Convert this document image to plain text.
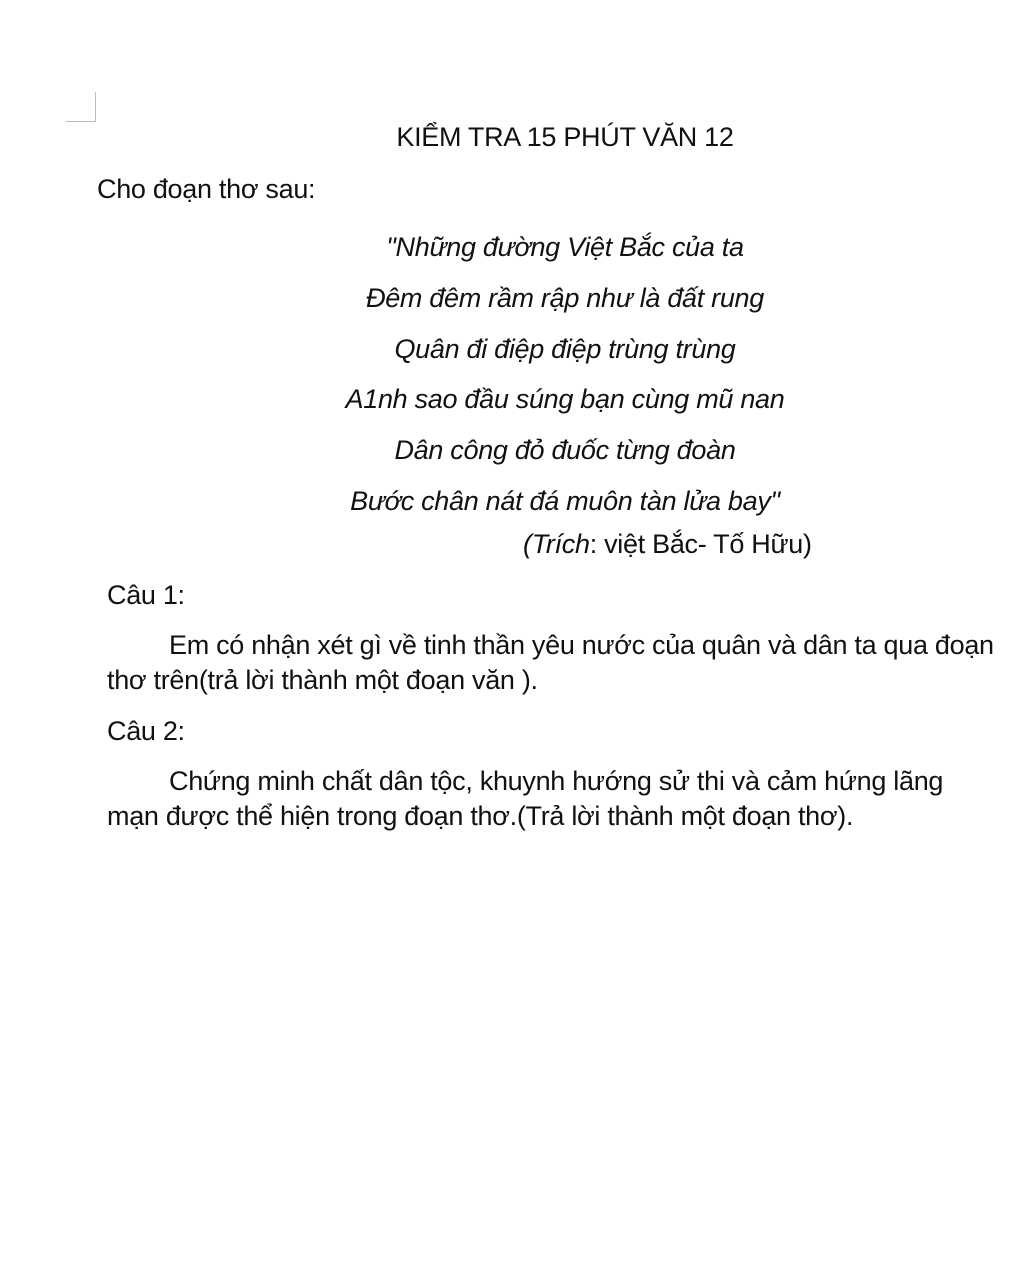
KIỂM TRA 15 PHÚT VĂN 12
Cho đoạn thơ sau:
"Những đường Việt Bắc của ta
Đêm đêm rầm rập như là đất rung
Quân đi điệp điệp trùng trùng
A1nh sao đầu súng bạn cùng mũ nan
Dân công đỏ đuốc từng đoàn
Bước chân nát đá muôn tàn lửa bay"
(Trích: việt Bắc- Tố Hữu)
Câu 1:

Em có nhận xét gì về tinh thần yêu nước của quân và dân ta qua đoạn thơ trên(trả lời thành một đoạn văn ).

Câu 2:

Chứng minh chất dân tộc, khuynh hướng sử thi và cảm hứng lãng mạn được thể hiện trong đoạn thơ.(Trả lời thành một đoạn thơ).
